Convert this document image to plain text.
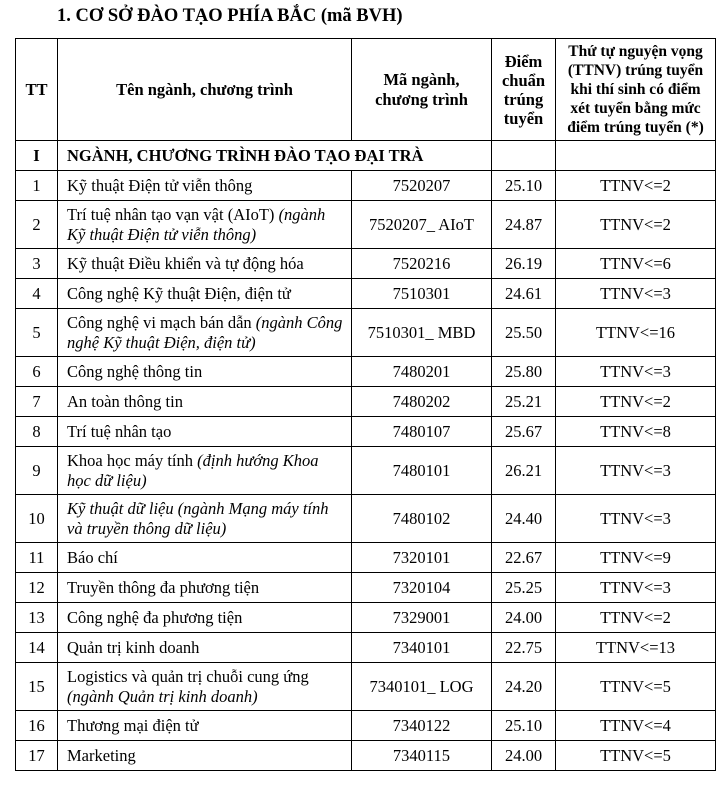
1. CƠ SỞ ĐÀO TẠO PHÍA BẮC (mã BVH)
TT	Tên ngành, chương trình	Mã ngành, chương trình	Điểm chuẩn trúng tuyển	Thứ tự nguyện vọng (TTNV) trúng tuyển khi thí sinh có điểm xét tuyển bằng mức điểm trúng tuyển (*)
I	NGÀNH, CHƯƠNG TRÌNH ĐÀO TẠO ĐẠI TRÀ			
1	Kỹ thuật Điện tử viễn thông	7520207	25.10	TTNV<=2
2	Trí tuệ nhân tạo vạn vật (AIoT) (ngành Kỹ thuật Điện tử viễn thông)	7520207_ AIoT	24.87	TTNV<=2
3	Kỹ thuật Điều khiển và tự động hóa	7520216	26.19	TTNV<=6
4	Công nghệ Kỹ thuật Điện, điện tử	7510301	24.61	TTNV<=3
5	Công nghệ vi mạch bán dẫn (ngành Công nghệ Kỹ thuật Điện, điện tử)	7510301_ MBD	25.50	TTNV<=16
6	Công nghệ thông tin	7480201	25.80	TTNV<=3
7	An toàn thông tin	7480202	25.21	TTNV<=2
8	Trí tuệ nhân tạo	7480107	25.67	TTNV<=8
9	Khoa học máy tính (định hướng Khoa học dữ liệu)	7480101	26.21	TTNV<=3
10	Kỹ thuật dữ liệu (ngành Mạng máy tính và truyền thông dữ liệu)	7480102	24.40	TTNV<=3
11	Báo chí	7320101	22.67	TTNV<=9
12	Truyền thông đa phương tiện	7320104	25.25	TTNV<=3
13	Công nghệ đa phương tiện	7329001	24.00	TTNV<=2
14	Quản trị kinh doanh	7340101	22.75	TTNV<=13
15	Logistics và quản trị chuỗi cung ứng (ngành Quản trị kinh doanh)	7340101_ LOG	24.20	TTNV<=5
16	Thương mại điện tử	7340122	25.10	TTNV<=4
17	Marketing	7340115	24.00	TTNV<=5
